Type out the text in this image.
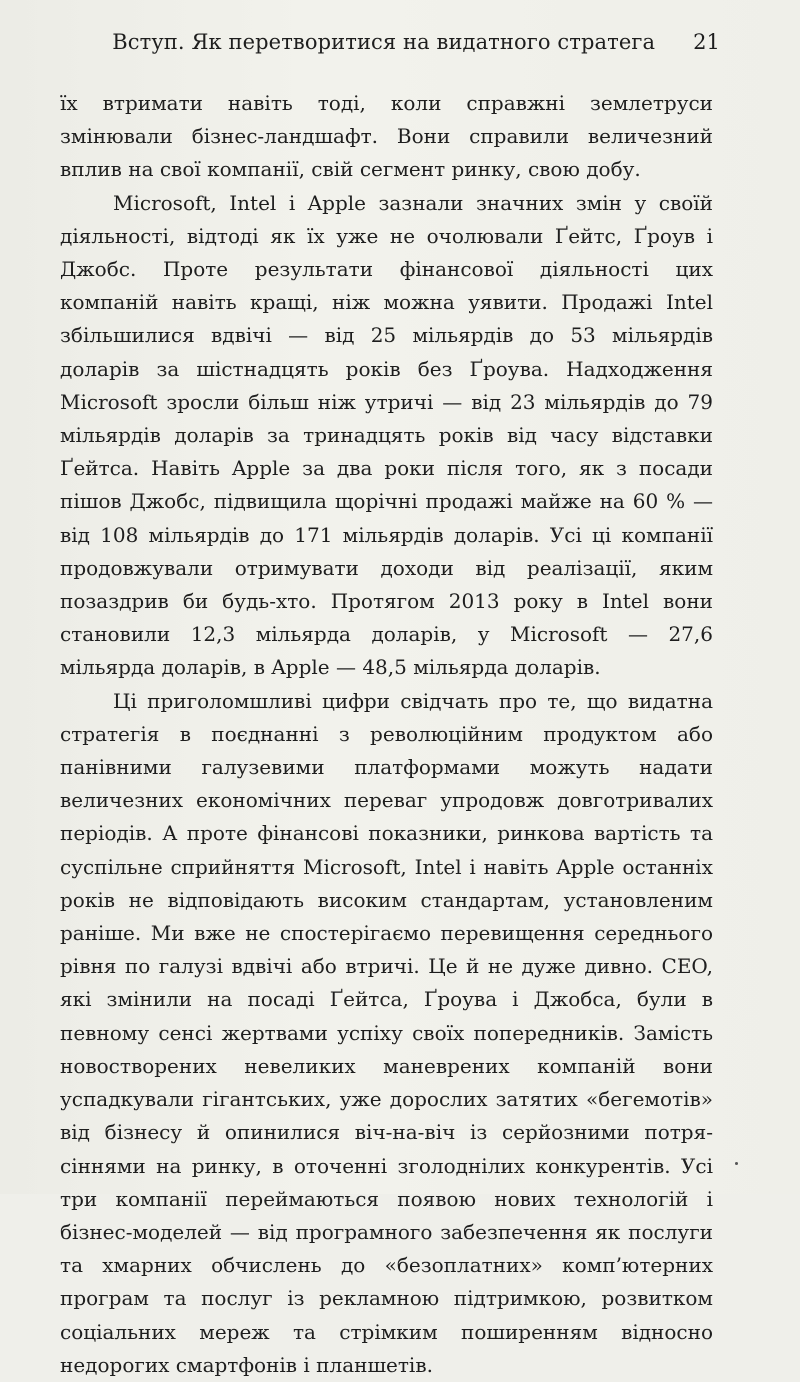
Вступ. Як перетворитися на видатного стратега 21

їх втримати навіть тоді, коли справжні землетруси змінювали бізнес-ландшафт. Вони справили величезний вплив на свої компанії, свій сегмент ринку, свою добу.

Microsoft, Intel і Apple зазнали значних змін у своїй діяльності, відтоді як їх уже не очолювали Ґейтс, Ґроув і Джобс. Проте результати фінансової діяльності цих компаній навіть кращі, ніж можна уявити. Продажі Intel збільшилися вдвічі — від 25 мільярдів до 53 мільярдів доларів за шістнадцять років без Ґроува. Надходження Microsoft зросли більш ніж утричі — від 23 мільярдів до 79 мільярдів доларів за тринадцять років від часу відставки Ґейтса. Навіть Apple за два роки після того, як з посади пішов Джобс, підвищила щорічні продажі майже на 60 % — від 108 мільярдів до 171 мільярдів доларів. Усі ці компанії продовжували отримувати доходи від реалізації, яким позаздрив би будь-хто. Протягом 2013 року в Intel вони становили 12,3 мільярда доларів, у Microsoft — 27,6 мільярда доларів, в Apple — 48,5 мільярда доларів.

Ці приголомшливі цифри свідчать про те, що видатна стратегія в поєднанні з революційним продуктом або панівними галузевими платформами можуть надати величезних економічних переваг упродовж довготривалих періодів. А проте фінансові показники, ринкова вартість та суспільне сприйняття Microsoft, Intel і навіть Apple останніх років не відповідають високим стандартам, установленим раніше. Ми вже не спостерігаємо перевищення середнього рівня по галузі вдвічі або втричі. Це й не дуже дивно. CEO, які змінили на посаді Ґейтса, Ґроува і Джобса, були в певному сенсі жертвами успіху своїх попередників. Замість новостворених невеликих маневрених компаній вони успадкували гігантських, уже дорослих затятих «бегемотів» від бізнесу й опинилися віч-на-віч із серйозними потрясіннями на ринку, в оточенні зголоднілих конкурентів. Усі три компанії переймаються появою нових технологій і бізнес-моделей — від програмного забезпечення як послуги та хмарних обчислень до «безоплатних» комп’ютерних програм та послуг із рекламною підтримкою, розвитком соціальних мереж та стрімким поширенням відносно недорогих смартфонів і планшетів.
